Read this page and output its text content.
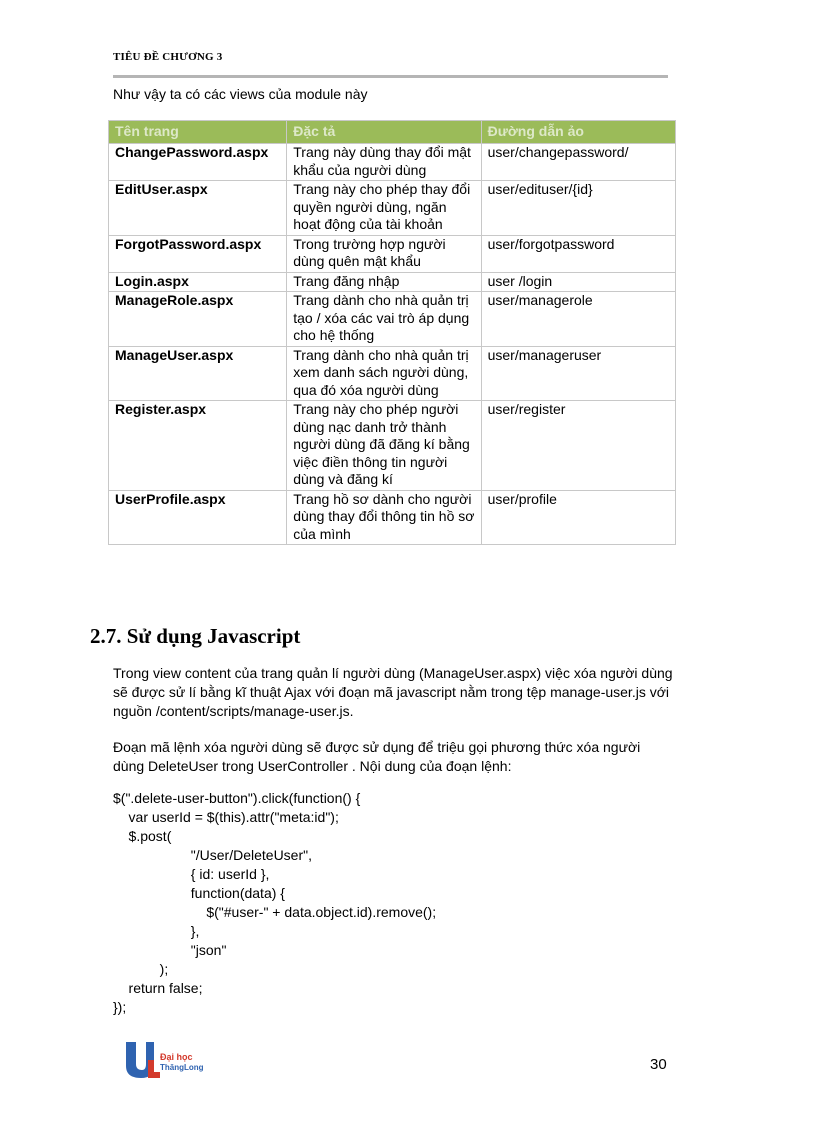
TIÊU ĐỀ CHƯƠNG 3
Như vậy ta có các views của module này
Tên trang	Đặc tả	Đường dẫn ảo
ChangePassword.aspx	Trang này dùng thay đổi mật khẩu của người dùng	user/changepassword/
EditUser.aspx	Trang này cho phép thay đổi quyền người dùng, ngăn hoạt động của tài khoản	user/edituser/{id}
ForgotPassword.aspx	Trong trường hợp người dùng quên mật khẩu	user/forgotpassword
Login.aspx	Trang đăng nhập	user /login
ManageRole.aspx	Trang dành cho nhà quản trị tạo / xóa các vai trò áp dụng cho hệ thống	user/managerole
ManageUser.aspx	Trang dành cho nhà quản trị xem danh sách người dùng, qua đó xóa người dùng	user/manageruser
Register.aspx	Trang này cho phép người dùng nạc danh trở thành người dùng đã đăng kí bằng việc điền thông tin người dùng và đăng kí	user/register
UserProfile.aspx	Trang hồ sơ dành cho người dùng thay đổi thông tin hồ sơ của mình	user/profile
2.7. Sử dụng Javascript
Trong view content của trang quản lí người dùng (ManageUser.aspx) việc xóa người dùng sẽ được sử lí bằng kĩ thuật Ajax với đoạn mã javascript nằm trong tệp manage-user.js với nguồn /content/scripts/manage-user.js.
Đoạn mã lệnh xóa người dùng sẽ được sử dụng để triệu gọi phương thức xóa người dùng DeleteUser trong UserController . Nội dung của đoạn lệnh:
$(".delete-user-button").click(function() {
var userId = $(this).attr("meta:id");
$.post(
"/User/DeleteUser",
{ id: userId },
function(data) {
$("#user-" + data.object.id).remove();
},
"json"
);
return false;
});
Đại học
ThăngLong	30
